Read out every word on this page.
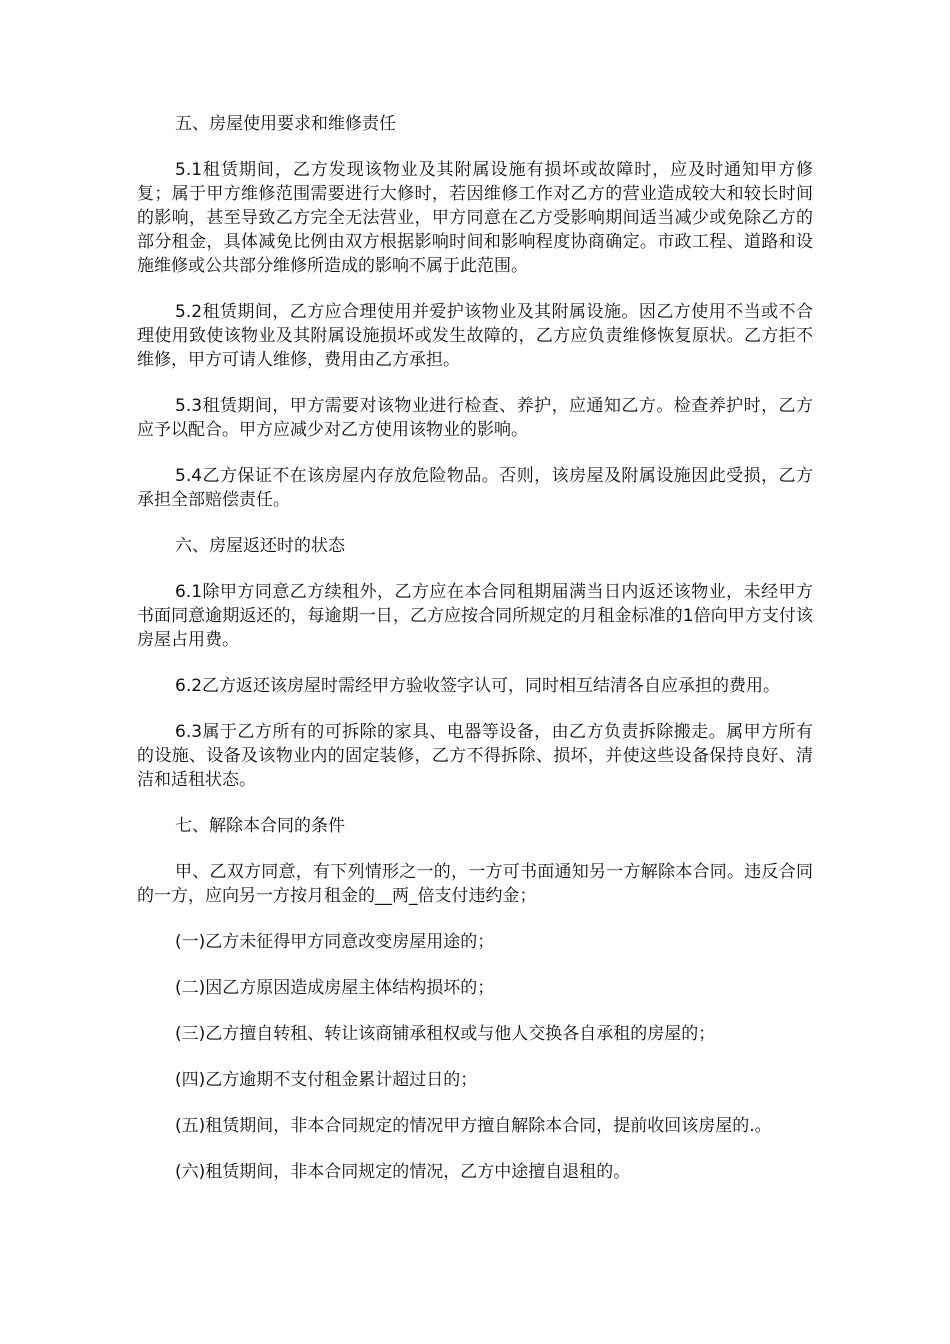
五、房屋使用要求和维修责任

5.1租赁期间，乙方发现该物业及其附属设施有损坏或故障时，应及时通知甲方修复；属于甲方维修范围需要进行大修时，若因维修工作对乙方的营业造成较大和较长时间的影响，甚至导致乙方完全无法营业，甲方同意在乙方受影响期间适当减少或免除乙方的部分租金，具体减免比例由双方根据影响时间和影响程度协商确定。市政工程、道路和设施维修或公共部分维修所造成的影响不属于此范围。

5.2租赁期间，乙方应合理使用并爱护该物业及其附属设施。因乙方使用不当或不合理使用致使该物业及其附属设施损坏或发生故障的，乙方应负责维修恢复原状。乙方拒不维修，甲方可请人维修，费用由乙方承担。

5.3租赁期间，甲方需要对该物业进行检查、养护，应通知乙方。检查养护时，乙方应予以配合。甲方应减少对乙方使用该物业的影响。

5.4乙方保证不在该房屋内存放危险物品。否则，该房屋及附属设施因此受损，乙方承担全部赔偿责任。

六、房屋返还时的状态

6.1除甲方同意乙方续租外，乙方应在本合同租期届满当日内返还该物业，未经甲方书面同意逾期返还的，每逾期一日，乙方应按合同所规定的月租金标准的1倍向甲方支付该房屋占用费。

6.2乙方返还该房屋时需经甲方验收签字认可，同时相互结清各自应承担的费用。

6.3属于乙方所有的可拆除的家具、电器等设备，由乙方负责拆除搬走。属甲方所有的设施、设备及该物业内的固定装修，乙方不得拆除、损坏，并使这些设备保持良好、清洁和适租状态。

七、解除本合同的条件

甲、乙双方同意，有下列情形之一的，一方可书面通知另一方解除本合同。违反合同的一方，应向另一方按月租金的__两_倍支付违约金；

(一)乙方未征得甲方同意改变房屋用途的；

(二)因乙方原因造成房屋主体结构损坏的；

(三)乙方擅自转租、转让该商铺承租权或与他人交换各自承租的房屋的；

(四)乙方逾期不支付租金累计超过日的；

(五)租赁期间，非本合同规定的情况甲方擅自解除本合同，提前收回该房屋的.。

(六)租赁期间，非本合同规定的情况，乙方中途擅自退租的。
